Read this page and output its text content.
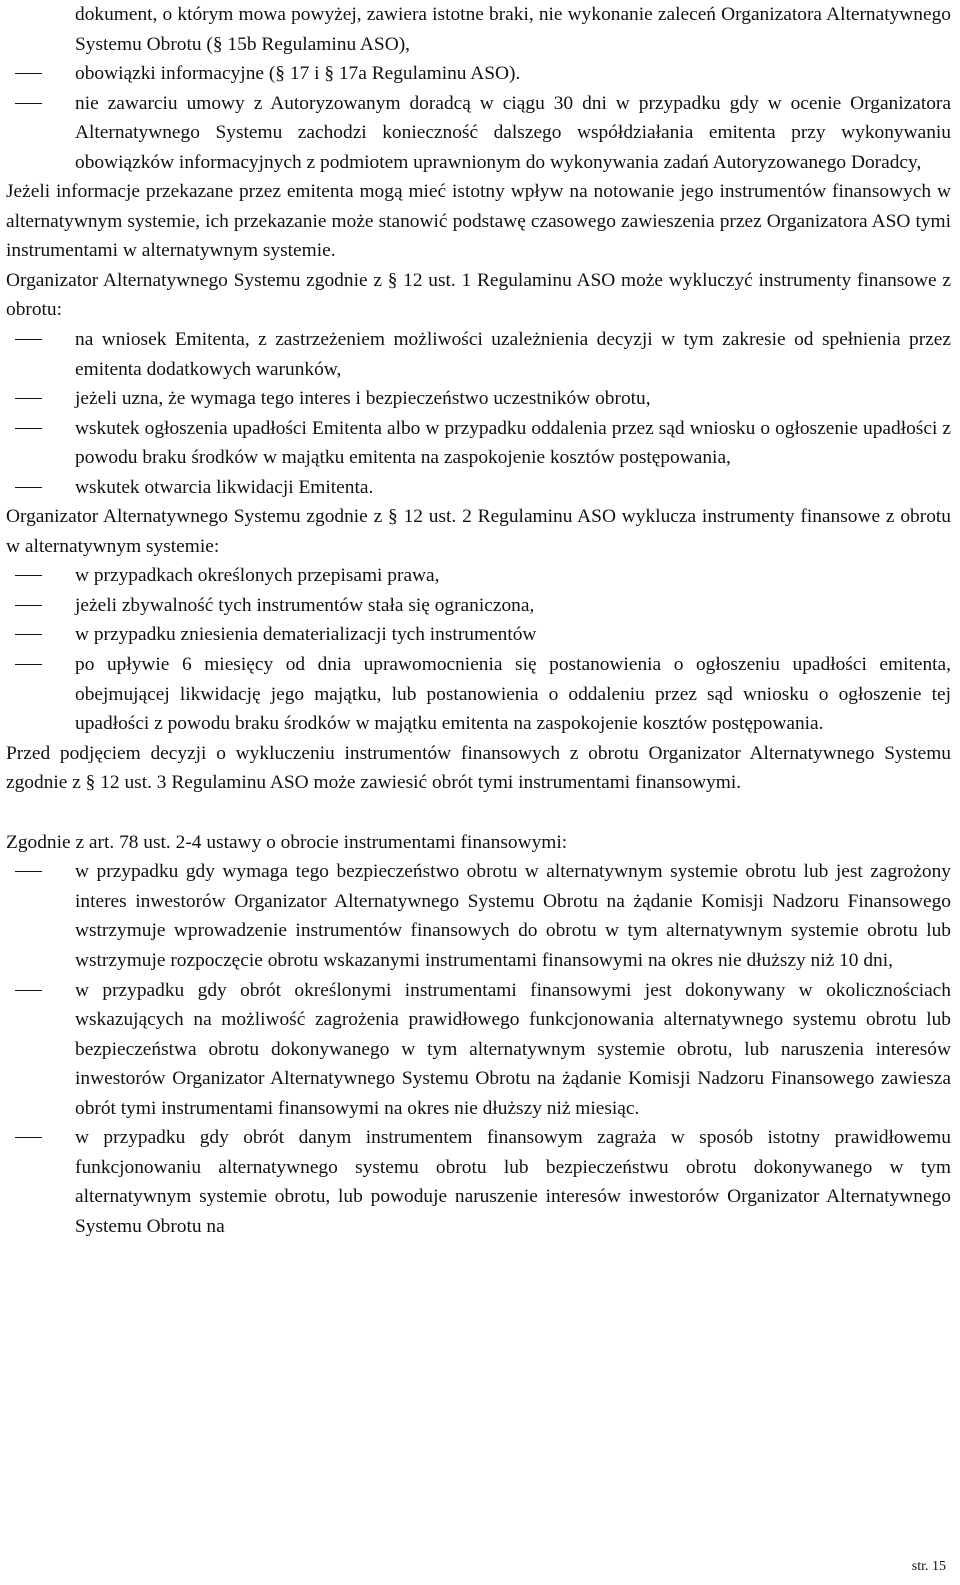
dokument, o którym mowa powyżej, zawiera istotne braki, nie wykonanie zaleceń Organizatora Alternatywnego Systemu Obrotu (§ 15b Regulaminu ASO),

obowiązki informacyjne (§ 17 i § 17a Regulaminu ASO).

nie zawarciu umowy z Autoryzowanym doradcą w ciągu 30 dni w przypadku gdy w ocenie Organizatora Alternatywnego Systemu zachodzi konieczność dalszego współdziałania emitenta przy wykonywaniu obowiązków informacyjnych z podmiotem uprawnionym do wykonywania zadań Autoryzowanego Doradcy,

Jeżeli informacje przekazane przez emitenta mogą mieć istotny wpływ na notowanie jego instrumentów finansowych w alternatywnym systemie, ich przekazanie może stanowić podstawę czasowego zawieszenia przez Organizatora ASO tymi instrumentami w alternatywnym systemie.

Organizator Alternatywnego Systemu zgodnie z § 12 ust. 1 Regulaminu ASO może wykluczyć instrumenty finansowe z obrotu:

na wniosek Emitenta, z zastrzeżeniem możliwości uzależnienia decyzji w tym zakresie od spełnienia przez emitenta dodatkowych warunków,

jeżeli uzna, że wymaga tego interes i bezpieczeństwo uczestników obrotu,

wskutek ogłoszenia upadłości Emitenta albo w przypadku oddalenia przez sąd wniosku o ogłoszenie upadłości z powodu braku środków w majątku emitenta na zaspokojenie kosztów postępowania,

wskutek otwarcia likwidacji Emitenta.

Organizator Alternatywnego Systemu zgodnie z § 12 ust. 2 Regulaminu ASO wyklucza instrumenty finansowe z obrotu w alternatywnym systemie:

w przypadkach określonych przepisami prawa,

jeżeli zbywalność tych instrumentów stała się ograniczona,

w przypadku zniesienia dematerializacji tych instrumentów

po upływie 6 miesięcy od dnia uprawomocnienia się postanowienia o ogłoszeniu upadłości emitenta, obejmującej likwidację jego majątku, lub postanowienia o oddaleniu przez sąd wniosku o ogłoszenie tej upadłości z powodu braku środków w majątku emitenta na zaspokojenie kosztów postępowania.

Przed podjęciem decyzji o wykluczeniu instrumentów finansowych z obrotu Organizator Alternatywnego Systemu zgodnie z § 12 ust. 3 Regulaminu ASO może zawiesić obrót tymi instrumentami finansowymi.

Zgodnie z art. 78 ust. 2-4 ustawy o obrocie instrumentami finansowymi:

w przypadku gdy wymaga tego bezpieczeństwo obrotu w alternatywnym systemie obrotu lub jest zagrożony interes inwestorów Organizator Alternatywnego Systemu Obrotu na żądanie Komisji Nadzoru Finansowego wstrzymuje wprowadzenie instrumentów finansowych do obrotu w tym alternatywnym systemie obrotu lub wstrzymuje rozpoczęcie obrotu wskazanymi instrumentami finansowymi na okres nie dłuższy niż 10 dni,

w przypadku gdy obrót określonymi instrumentami finansowymi jest dokonywany w okolicznościach wskazujących na możliwość zagrożenia prawidłowego funkcjonowania alternatywnego systemu obrotu lub bezpieczeństwa obrotu dokonywanego w tym alternatywnym systemie obrotu, lub naruszenia interesów inwestorów Organizator Alternatywnego Systemu Obrotu na żądanie Komisji Nadzoru Finansowego zawiesza obrót tymi instrumentami finansowymi na okres nie dłuższy niż miesiąc.

w przypadku gdy obrót danym instrumentem finansowym zagraża w sposób istotny prawidłowemu funkcjonowaniu alternatywnego systemu obrotu lub bezpieczeństwu obrotu dokonywanego w tym alternatywnym systemie obrotu, lub powoduje naruszenie interesów inwestorów Organizator Alternatywnego Systemu Obrotu na

str. 15
